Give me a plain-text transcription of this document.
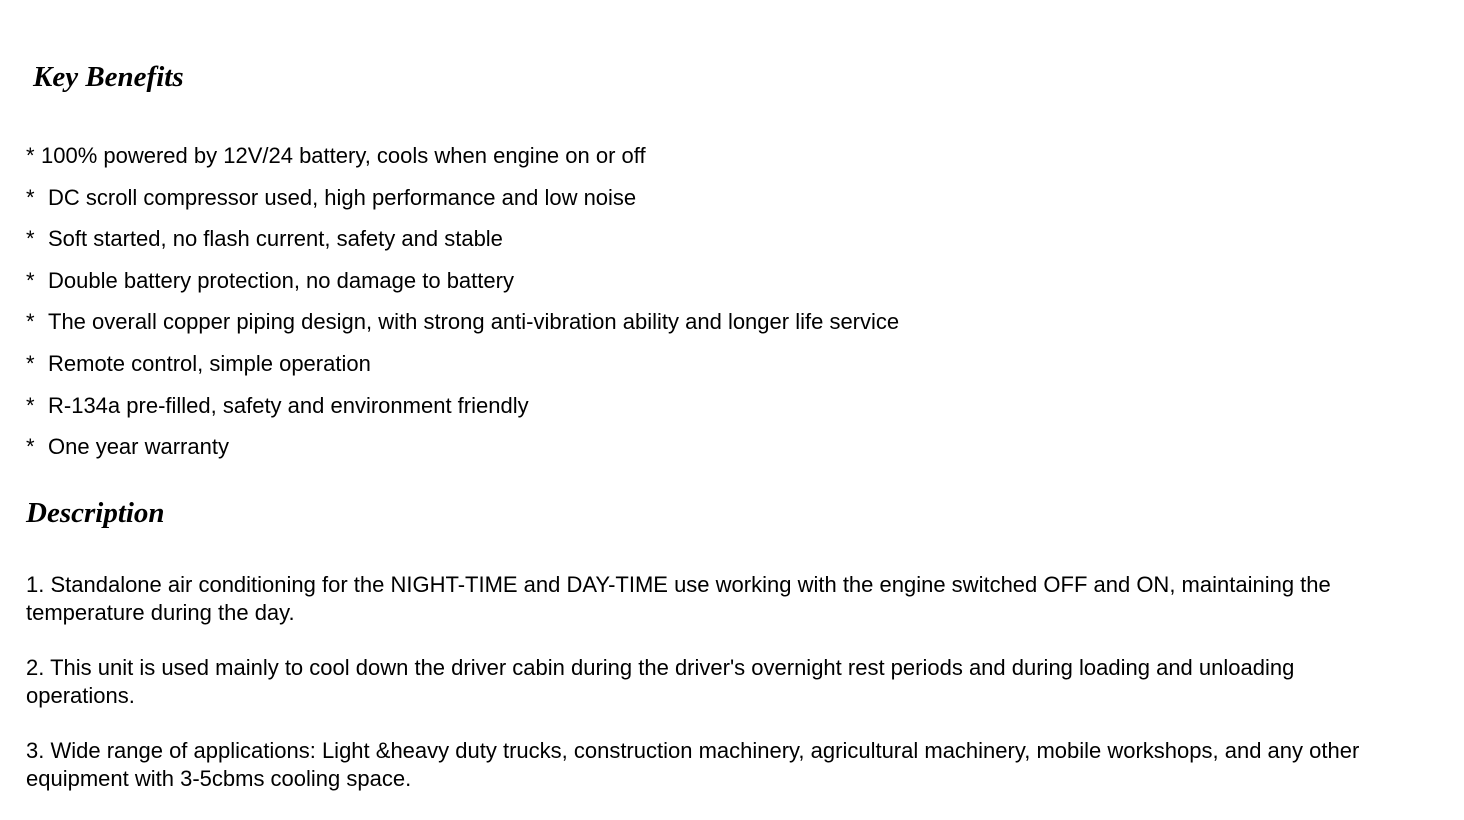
Key Benefits
* 100% powered by 12V/24 battery, cools when engine on or off
* DC scroll compressor used, high performance and low noise
* Soft started, no flash current, safety and stable
* Double battery protection, no damage to battery
* The overall copper piping design, with strong anti-vibration ability and longer life service
* Remote control, simple operation
* R-134a pre-filled, safety and environment friendly
* One year warranty
Description

1. Standalone air conditioning for the NIGHT-TIME and DAY-TIME use working with the engine switched OFF and ON, maintaining the temperature during the day.

2. This unit is used mainly to cool down the driver cabin during the driver's overnight rest periods and during loading and unloading operations.

3. Wide range of applications: Light &heavy duty trucks, construction machinery, agricultural machinery, mobile workshops, and any other equipment with 3-5cbms cooling space.
